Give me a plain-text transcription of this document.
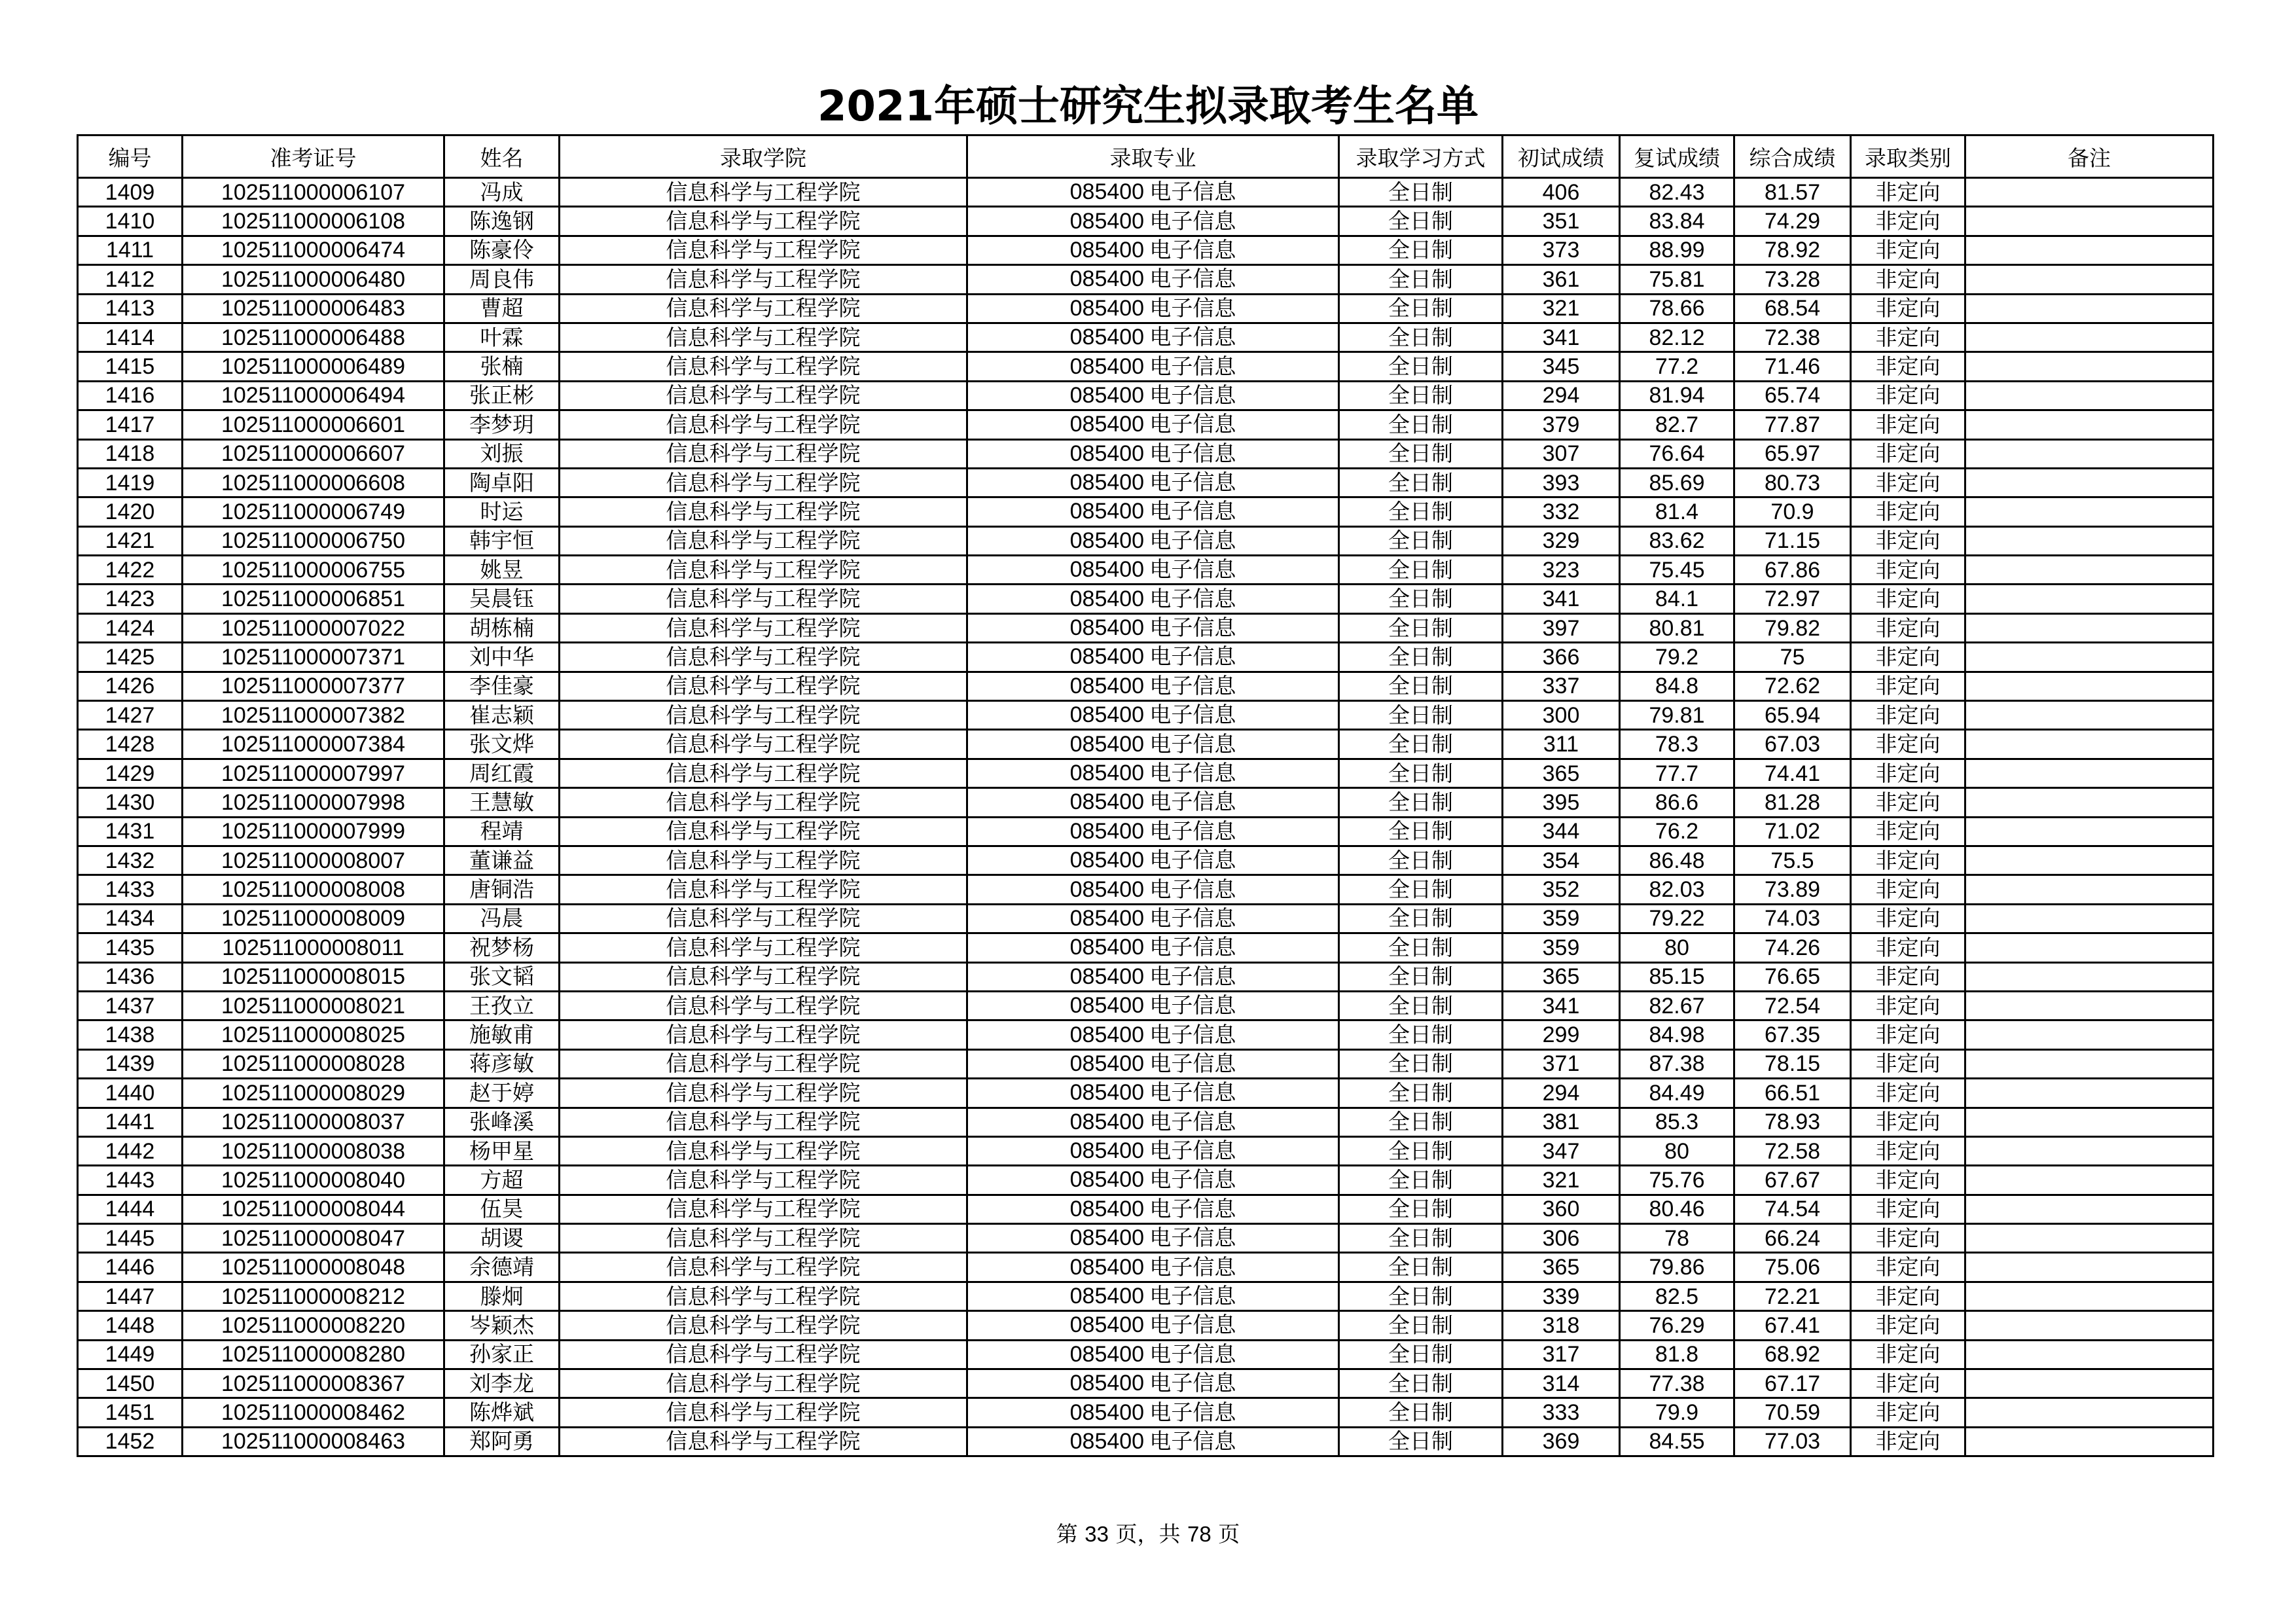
2021年硕士研究生拟录取考生名单
编号	准考证号	姓名	录取学院	录取专业	录取学习方式	初试成绩	复试成绩	综合成绩	录取类别	备注
1409	102511000006107	冯成	信息科学与工程学院	085400 电子信息	全日制	406	82.43	81.57	非定向	
1410	102511000006108	陈逸钢	信息科学与工程学院	085400 电子信息	全日制	351	83.84	74.29	非定向	
1411	102511000006474	陈豪伶	信息科学与工程学院	085400 电子信息	全日制	373	88.99	78.92	非定向	
1412	102511000006480	周良伟	信息科学与工程学院	085400 电子信息	全日制	361	75.81	73.28	非定向	
1413	102511000006483	曹超	信息科学与工程学院	085400 电子信息	全日制	321	78.66	68.54	非定向	
1414	102511000006488	叶霖	信息科学与工程学院	085400 电子信息	全日制	341	82.12	72.38	非定向	
1415	102511000006489	张楠	信息科学与工程学院	085400 电子信息	全日制	345	77.2	71.46	非定向	
1416	102511000006494	张正彬	信息科学与工程学院	085400 电子信息	全日制	294	81.94	65.74	非定向	
1417	102511000006601	李梦玥	信息科学与工程学院	085400 电子信息	全日制	379	82.7	77.87	非定向	
1418	102511000006607	刘振	信息科学与工程学院	085400 电子信息	全日制	307	76.64	65.97	非定向	
1419	102511000006608	陶卓阳	信息科学与工程学院	085400 电子信息	全日制	393	85.69	80.73	非定向	
1420	102511000006749	时运	信息科学与工程学院	085400 电子信息	全日制	332	81.4	70.9	非定向	
1421	102511000006750	韩宇恒	信息科学与工程学院	085400 电子信息	全日制	329	83.62	71.15	非定向	
1422	102511000006755	姚昱	信息科学与工程学院	085400 电子信息	全日制	323	75.45	67.86	非定向	
1423	102511000006851	吴晨钰	信息科学与工程学院	085400 电子信息	全日制	341	84.1	72.97	非定向	
1424	102511000007022	胡栋楠	信息科学与工程学院	085400 电子信息	全日制	397	80.81	79.82	非定向	
1425	102511000007371	刘中华	信息科学与工程学院	085400 电子信息	全日制	366	79.2	75	非定向	
1426	102511000007377	李佳豪	信息科学与工程学院	085400 电子信息	全日制	337	84.8	72.62	非定向	
1427	102511000007382	崔志颖	信息科学与工程学院	085400 电子信息	全日制	300	79.81	65.94	非定向	
1428	102511000007384	张文烨	信息科学与工程学院	085400 电子信息	全日制	311	78.3	67.03	非定向	
1429	102511000007997	周红霞	信息科学与工程学院	085400 电子信息	全日制	365	77.7	74.41	非定向	
1430	102511000007998	王慧敏	信息科学与工程学院	085400 电子信息	全日制	395	86.6	81.28	非定向	
1431	102511000007999	程靖	信息科学与工程学院	085400 电子信息	全日制	344	76.2	71.02	非定向	
1432	102511000008007	董谦益	信息科学与工程学院	085400 电子信息	全日制	354	86.48	75.5	非定向	
1433	102511000008008	唐铜浩	信息科学与工程学院	085400 电子信息	全日制	352	82.03	73.89	非定向	
1434	102511000008009	冯晨	信息科学与工程学院	085400 电子信息	全日制	359	79.22	74.03	非定向	
1435	102511000008011	祝梦杨	信息科学与工程学院	085400 电子信息	全日制	359	80	74.26	非定向	
1436	102511000008015	张文韬	信息科学与工程学院	085400 电子信息	全日制	365	85.15	76.65	非定向	
1437	102511000008021	王孜立	信息科学与工程学院	085400 电子信息	全日制	341	82.67	72.54	非定向	
1438	102511000008025	施敏甫	信息科学与工程学院	085400 电子信息	全日制	299	84.98	67.35	非定向	
1439	102511000008028	蒋彦敏	信息科学与工程学院	085400 电子信息	全日制	371	87.38	78.15	非定向	
1440	102511000008029	赵于婷	信息科学与工程学院	085400 电子信息	全日制	294	84.49	66.51	非定向	
1441	102511000008037	张峰溪	信息科学与工程学院	085400 电子信息	全日制	381	85.3	78.93	非定向	
1442	102511000008038	杨甲星	信息科学与工程学院	085400 电子信息	全日制	347	80	72.58	非定向	
1443	102511000008040	方超	信息科学与工程学院	085400 电子信息	全日制	321	75.76	67.67	非定向	
1444	102511000008044	伍昊	信息科学与工程学院	085400 电子信息	全日制	360	80.46	74.54	非定向	
1445	102511000008047	胡谡	信息科学与工程学院	085400 电子信息	全日制	306	78	66.24	非定向	
1446	102511000008048	余德靖	信息科学与工程学院	085400 电子信息	全日制	365	79.86	75.06	非定向	
1447	102511000008212	滕炯	信息科学与工程学院	085400 电子信息	全日制	339	82.5	72.21	非定向	
1448	102511000008220	岑颖杰	信息科学与工程学院	085400 电子信息	全日制	318	76.29	67.41	非定向	
1449	102511000008280	孙家正	信息科学与工程学院	085400 电子信息	全日制	317	81.8	68.92	非定向	
1450	102511000008367	刘李龙	信息科学与工程学院	085400 电子信息	全日制	314	77.38	67.17	非定向	
1451	102511000008462	陈烨斌	信息科学与工程学院	085400 电子信息	全日制	333	79.9	70.59	非定向	
1452	102511000008463	郑阿勇	信息科学与工程学院	085400 电子信息	全日制	369	84.55	77.03	非定向	
第 33 页，共 78 页
